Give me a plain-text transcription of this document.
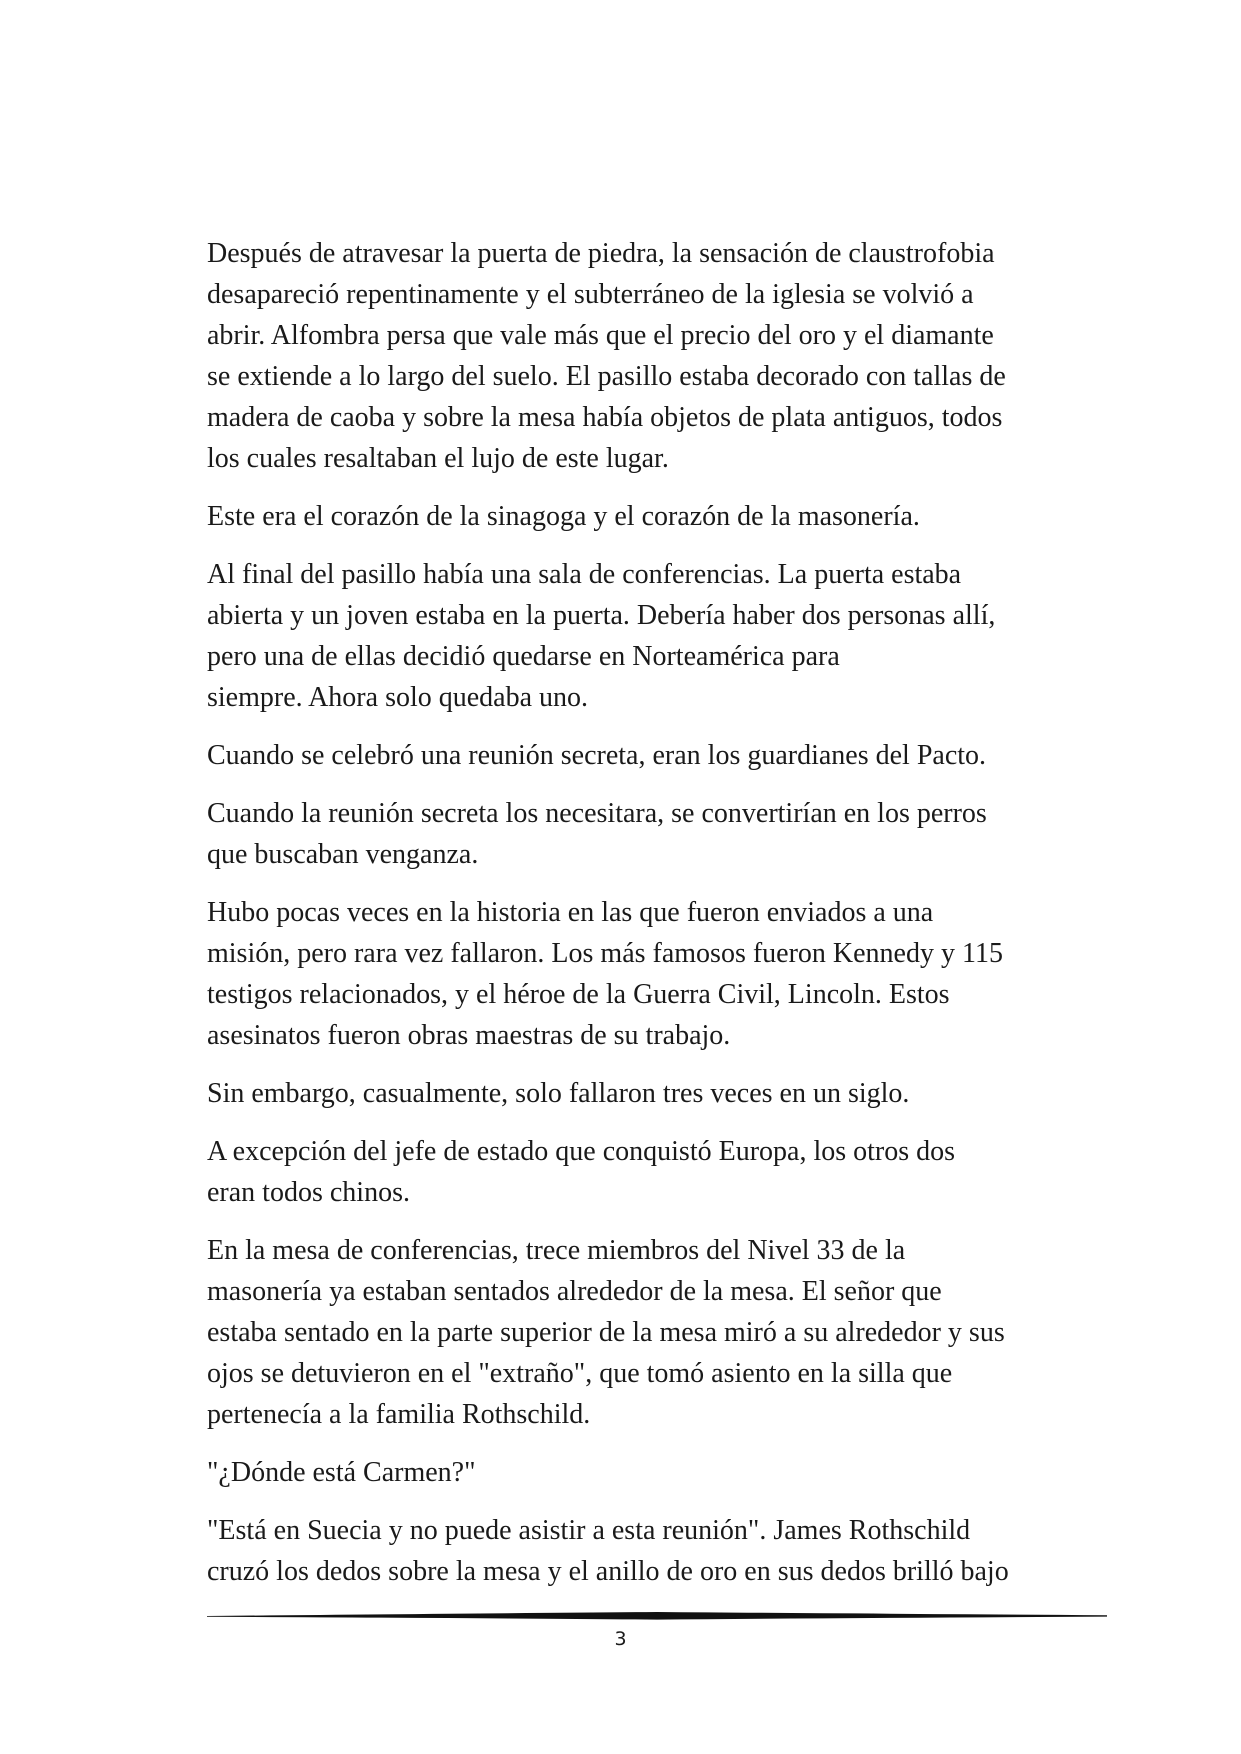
Después de atravesar la puerta de piedra, la sensación de claustrofobia
desapareció repentinamente y el subterráneo de la iglesia se volvió a
abrir. Alfombra persa que vale más que el precio del oro y el diamante
se extiende a lo largo del suelo. El pasillo estaba decorado con tallas de
madera de caoba y sobre la mesa había objetos de plata antiguos, todos
los cuales resaltaban el lujo de este lugar.

Este era el corazón de la sinagoga y el corazón de la masonería.

Al final del pasillo había una sala de conferencias. La puerta estaba
abierta y un joven estaba en la puerta. Debería haber dos personas allí,
pero una de ellas decidió quedarse en Norteamérica para
siempre. Ahora solo quedaba uno.

Cuando se celebró una reunión secreta, eran los guardianes del Pacto.

Cuando la reunión secreta los necesitara, se convertirían en los perros
que buscaban venganza.

Hubo pocas veces en la historia en las que fueron enviados a una
misión, pero rara vez fallaron. Los más famosos fueron Kennedy y 115
testigos relacionados, y el héroe de la Guerra Civil, Lincoln. Estos
asesinatos fueron obras maestras de su trabajo.

Sin embargo, casualmente, solo fallaron tres veces en un siglo.

A excepción del jefe de estado que conquistó Europa, los otros dos
eran todos chinos.

En la mesa de conferencias, trece miembros del Nivel 33 de la
masonería ya estaban sentados alrededor de la mesa. El señor que
estaba sentado en la parte superior de la mesa miró a su alrededor y sus
ojos se detuvieron en el "extraño", que tomó asiento en la silla que
pertenecía a la familia Rothschild.

"¿Dónde está Carmen?"

"Está en Suecia y no puede asistir a esta reunión". James Rothschild
cruzó los dedos sobre la mesa y el anillo de oro en sus dedos brilló bajo

3
